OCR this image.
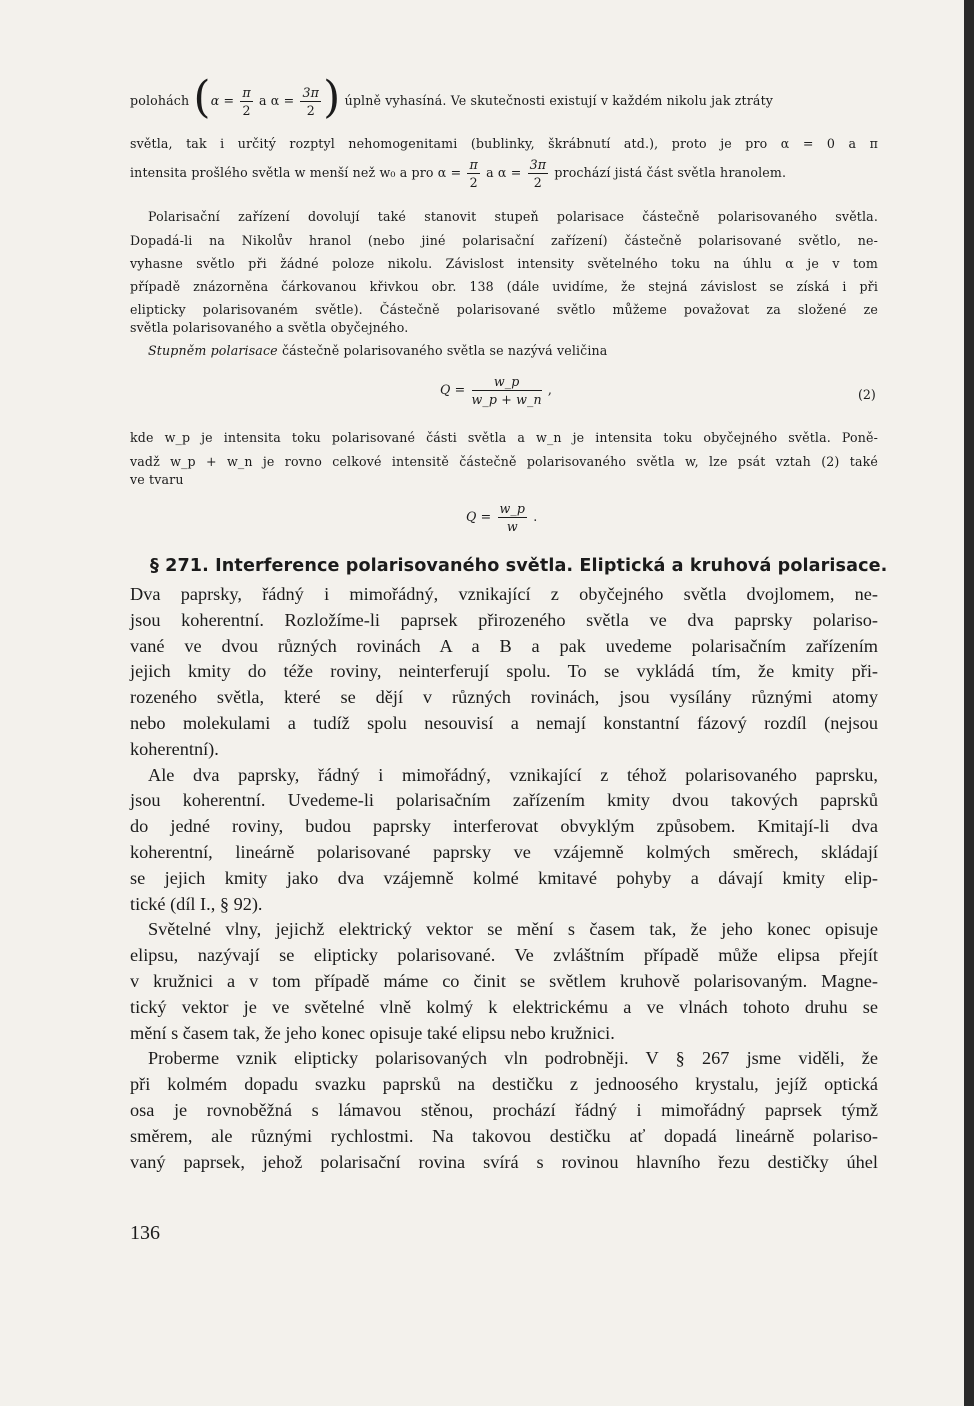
polohách ($\alpha = \frac{\pi}{2}$ a $\alpha = \frac{3\pi}{2}$ ) úplně vyhasíná. Ve skutečnosti existují v každém nikolu jak ztráty
světla, tak i určitý rozptyl nehomogenitami (bublinky, škrábnutí atd.), proto je pro α = 0 a π
intensita prošlého světla w menší než w₀ a pro $\alpha = \frac{\pi}{2}$ a $\alpha = \frac{3\pi}{2}$ prochází jistá část světla hranolem.
Polarisační zařízení dovolují také stanovit stupeň polarisace částečně polarisovaného světla.
Dopadá-li na Nikolův hranol (nebo jiné polarisační zařízení) částečně polarisované světlo, ne-
vyhasne světlo při žádné poloze nikolu. Závislost intensity světelného toku na úhlu α je v tom
případě znázorněna čárkovanou křivkou obr. 138 (dále uvidíme, že stejná závislost se získá i při
elipticky polarisovaném světle). Částečně polarisované světlo můžeme považovat za složené ze
světla polarisovaného a světla obyčejného.
Stupněm polarisace částečně polarisovaného světla se nazývá veličina
$Q = \frac{w\_p}{w\_p + w\_n}$ ,	(2)
kde w_p je intensita toku polarisované části světla a w_n je intensita toku obyčejného světla. Poně-
vadž w_p + w_n je rovno celkové intensitě částečně polarisovaného světla w, lze psát vztah (2) také
ve tvaru
$Q = \frac{w\_p}{w}$ .
§ 271. Interference polarisovaného světla. Eliptická a kruhová polarisace.
Dva paprsky, řádný i mimořádný, vznikající z obyčejného světla dvojlomem, ne-
jsou koherentní. Rozložíme-li paprsek přirozeného světla ve dva paprsky polariso-
vané ve dvou různých rovinách A a B a pak uvedeme polarisačním zařízením
jejich kmity do téže roviny, neinterferují spolu. To se vykládá tím, že kmity při-
rozeného světla, které se dějí v různých rovinách, jsou vysílány různými atomy
nebo molekulami a tudíž spolu nesouvisí a nemají konstantní fázový rozdíl (nejsou
koherentní).
Ale dva paprsky, řádný i mimořádný, vznikající z téhož polarisovaného paprsku,
jsou koherentní. Uvedeme-li polarisačním zařízením kmity dvou takových paprsků
do jedné roviny, budou paprsky interferovat obvyklým způsobem. Kmitají-li dva
koherentní, lineárně polarisované paprsky ve vzájemně kolmých směrech, skládají
se jejich kmity jako dva vzájemně kolmé kmitavé pohyby a dávají kmity elip-
tické (díl I., § 92).
Světelné vlny, jejichž elektrický vektor se mění s časem tak, že jeho konec opisuje
elipsu, nazývají se elipticky polarisované. Ve zvláštním případě může elipsa přejít
v kružnici a v tom případě máme co činit se světlem kruhově polarisovaným. Magne-
tický vektor je ve světelné vlně kolmý k elektrickému a ve vlnách tohoto druhu se
mění s časem tak, že jeho konec opisuje také elipsu nebo kružnici.
Proberme vznik elipticky polarisovaných vln podrobněji. V § 267 jsme viděli, že
při kolmém dopadu svazku paprsků na destičku z jednoosého krystalu, jejíž optická
osa je rovnoběžná s lámavou stěnou, prochází řádný i mimořádný paprsek týmž
směrem, ale různými rychlostmi. Na takovou destičku ať dopadá lineárně polariso-
vaný paprsek, jehož polarisační rovina svírá s rovinou hlavního řezu destičky úhel
136
